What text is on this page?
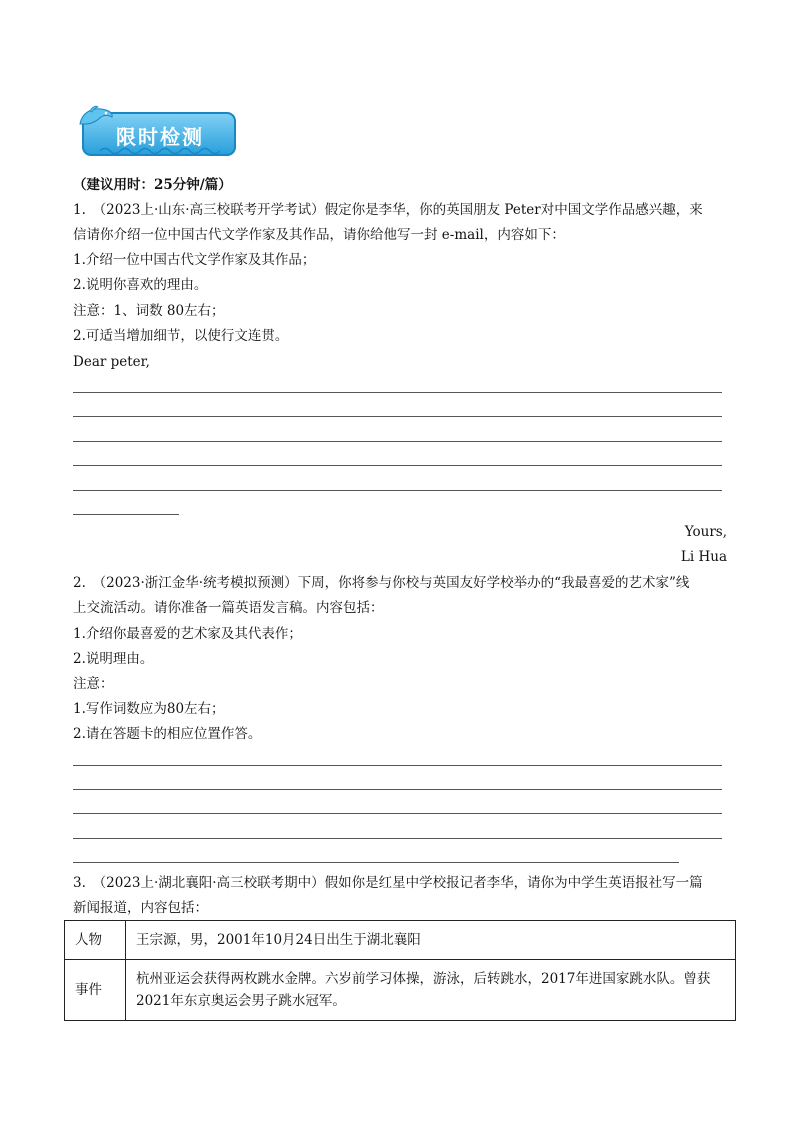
限时检测
（建议用时：25分钟/篇）
1.　（2023上·山东·高三校联考开学考试）假定你是李华，你的英国朋友 Peter对中国文学作品感兴趣，来
信请你介绍一位中国古代文学作家及其作品，请你给他写一封 e-mail，内容如下：
1.介绍一位中国古代文学作家及其作品；
2.说明你喜欢的理由。
注意：1、词数 80左右；
2.可适当增加细节，以使行文连贯。
Dear peter,
Yours,
Li Hua
2.　（2023·浙江金华·统考模拟预测）下周，你将参与你校与英国友好学校举办的“我最喜爱的艺术家”线
上交流活动。请你准备一篇英语发言稿。内容包括：
1.介绍你最喜爱的艺术家及其代表作；
2.说明理由。
注意：
1.写作词数应为80左右；
2.请在答题卡的相应位置作答。
3.　（2023上·湖北襄阳·高三校联考期中）假如你是红星中学校报记者李华，请你为中学生英语报社写一篇
新闻报道，内容包括：
人物	王宗源，男，2001年10月24日出生于湖北襄阳
事件	杭州亚运会获得两枚跳水金牌。六岁前学习体操，游泳，后转跳水，2017年进国家跳水队。曾获2021年东京奥运会男子跳水冠军。
